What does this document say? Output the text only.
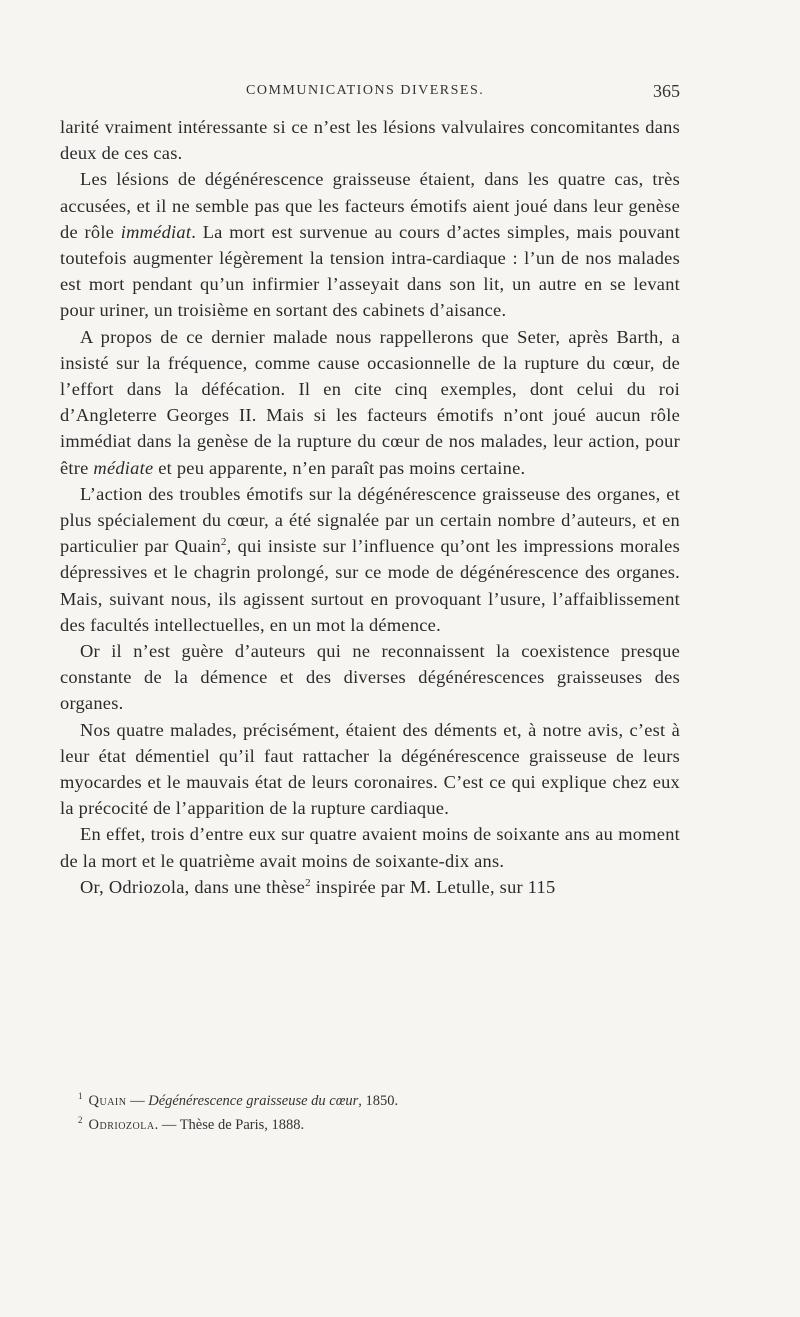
COMMUNICATIONS DIVERSES.	365

larité vraiment intéressante si ce n’est les lésions valvulaires concomitantes dans deux de ces cas.

Les lésions de dégénérescence graisseuse étaient, dans les quatre cas, très accusées, et il ne semble pas que les facteurs émotifs aient joué dans leur genèse de rôle immédiat. La mort est survenue au cours d’actes simples, mais pouvant toutefois augmenter légèrement la tension intra-cardiaque : l’un de nos malades est mort pendant qu’un infirmier l’asseyait dans son lit, un autre en se levant pour uriner, un troisième en sortant des cabinets d’aisance.

A propos de ce dernier malade nous rappellerons que Seter, après Barth, a insisté sur la fréquence, comme cause occasionnelle de la rupture du cœur, de l’effort dans la défécation. Il en cite cinq exemples, dont celui du roi d’Angleterre Georges II. Mais si les facteurs émotifs n’ont joué aucun rôle immédiat dans la genèse de la rupture du cœur de nos malades, leur action, pour être médiate et peu apparente, n’en paraît pas moins certaine.

L’action des troubles émotifs sur la dégénérescence graisseuse des organes, et plus spécialement du cœur, a été signalée par un certain nombre d’auteurs, et en particulier par Quain$^2$, qui insiste sur l’influence qu’ont les impressions morales dépressives et le chagrin prolongé, sur ce mode de dégénérescence des organes. Mais, suivant nous, ils agissent surtout en provoquant l’usure, l’affaiblissement des facultés intellectuelles, en un mot la démence.

Or il n’est guère d’auteurs qui ne reconnaissent la coexistence presque constante de la démence et des diverses dégénérescences graisseuses des organes.

Nos quatre malades, précisément, étaient des déments et, à notre avis, c’est à leur état démentiel qu’il faut rattacher la dégénérescence graisseuse de leurs myocardes et le mauvais état de leurs coronaires. C’est ce qui explique chez eux la précocité de l’apparition de la rupture cardiaque.

En effet, trois d’entre eux sur quatre avaient moins de soixante ans au moment de la mort et le quatrième avait moins de soixante-dix ans.

Or, Odriozola, dans une thèse$^2$ inspirée par M. Letulle, sur 115

$^1$ Quain — Dégénérescence graisseuse du cœur, 1850.

$^2$ Odriozola. — Thèse de Paris, 1888.
